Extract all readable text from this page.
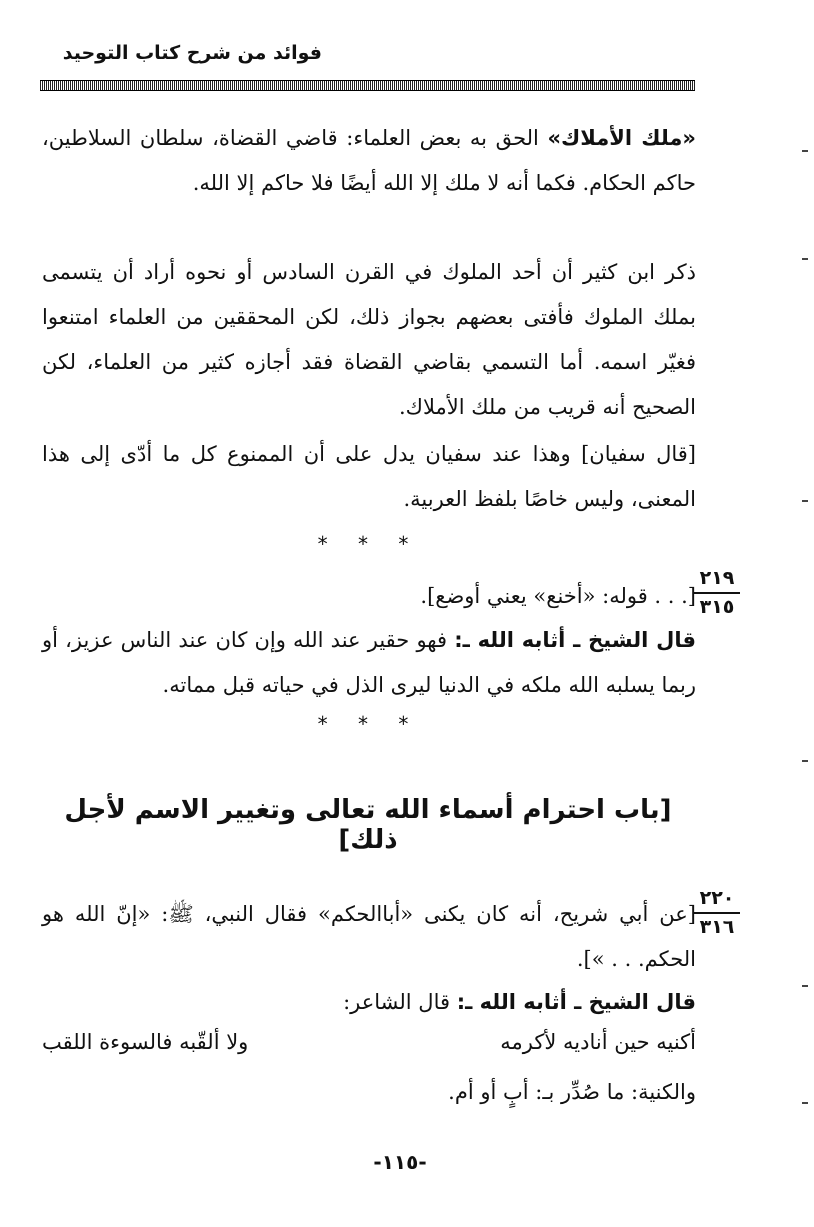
فوائد من شرح كتاب التوحيد

«ملك الأملاك» الحق به بعض العلماء: قاضي القضاة، سلطان السلاطين، حاكم الحكام. فكما أنه لا ملك إلا الله أيضًا فلا حاكم إلا الله.

ذكر ابن كثير أن أحد الملوك في القرن السادس أو نحوه أراد أن يتسمى بملك الملوك فأفتى بعضهم بجواز ذلك، لكن المحققين من العلماء امتنعوا فغيّر اسمه. أما التسمي بقاضي القضاة فقد أجازه كثير من العلماء، لكن الصحيح أنه قريب من ملك الأملاك.

[قال سفيان] وهذا عند سفيان يدل على أن الممنوع كل ما أدّى إلى هذا المعنى، وليس خاصًا بلفظ العربية.

* * *
٢١٩
٣١٥

[. . . قوله: «أخنع» يعني أوضع].

قال الشيخ ـ أثابه الله ـ: فهو حقير عند الله وإن كان عند الناس عزيز، أو ربما يسلبه الله ملكه في الدنيا ليرى الذل في حياته قبل مماته.

* * *
[باب احترام أسماء الله تعالى وتغيير الاسم لأجل ذلك]
٢٢٠
٣١٦

[عن أبي شريح، أنه كان يكنى «أباالحكم» فقال النبي، ﷺ: «إنّ الله هو الحكم. . . »].

قال الشيخ ـ أثابه الله ـ: قال الشاعر:

أكنيه حين أناديه لأكرمه
ولا ألقّبه فالسوءة اللقب

والكنية: ما صُدِّر بـ: أبٍ أو أم.

-١١٥-
